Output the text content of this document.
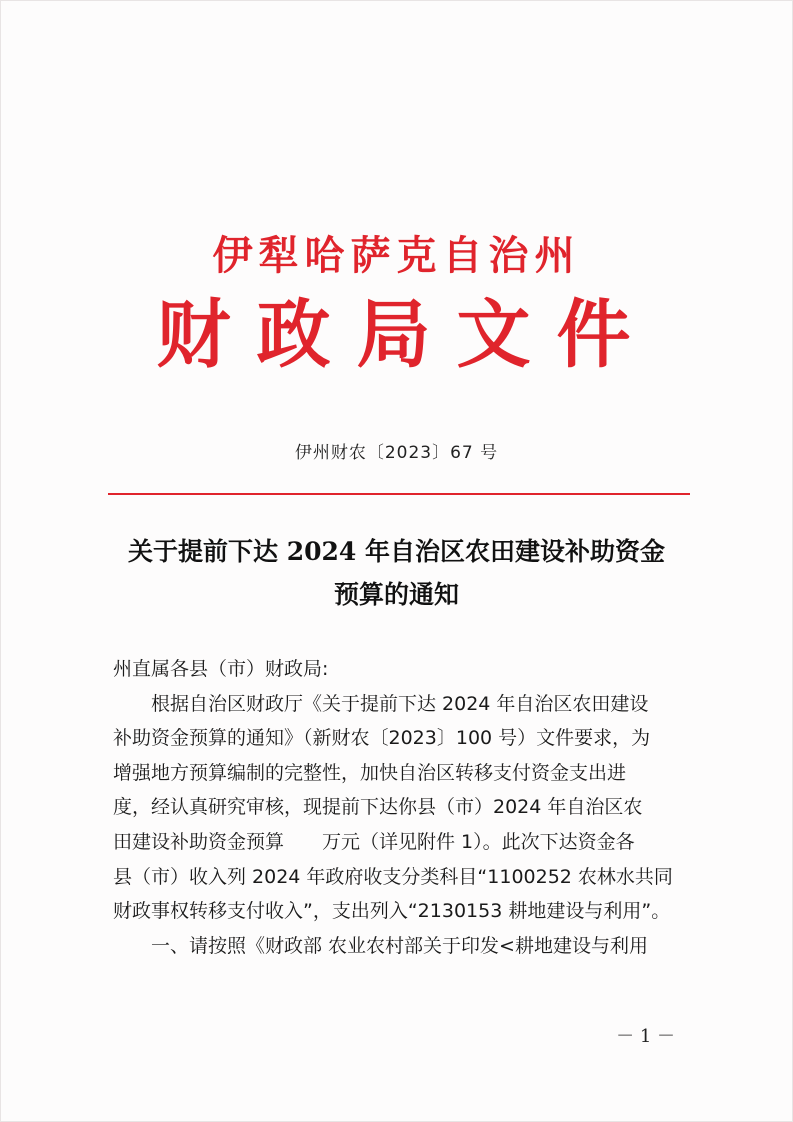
伊犁哈萨克自治州
财政局文件
伊州财农〔2023〕67 号
关于提前下达 2024 年自治区农田建设补助资金
预算的通知
州直属各县（市）财政局:
　　根据自治区财政厅《关于提前下达 2024 年自治区农田建设
补助资金预算的通知》（新财农〔2023〕100 号）文件要求，为
增强地方预算编制的完整性，加快自治区转移支付资金支出进
度，经认真研究审核，现提前下达你县（市）2024 年自治区农
田建设补助资金预算　　万元（详见附件 1）。此次下达资金各
县（市）收入列 2024 年政府收支分类科目“1100252 农林水共同
财政事权转移支付收入”，支出列入“2130153 耕地建设与利用”。
　　一、请按照《财政部 农业农村部关于印发<耕地建设与利用
－ 1 －
